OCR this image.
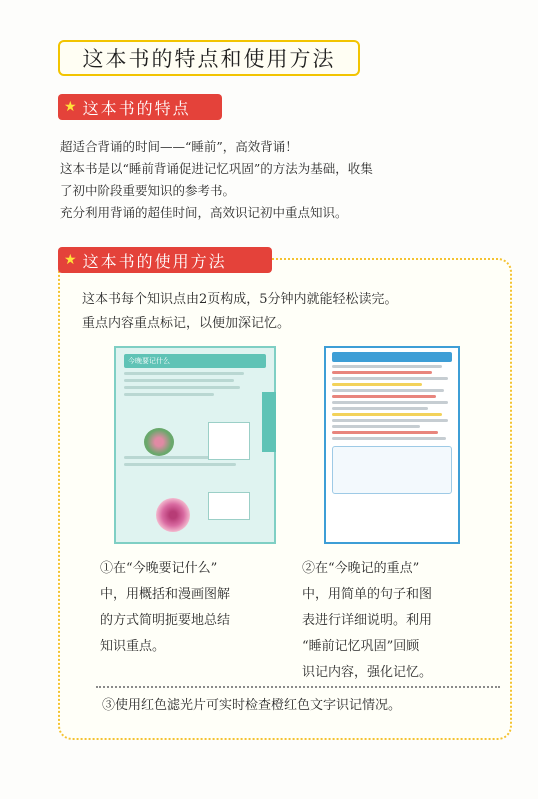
这本书的特点和使用方法
★ 这本书的特点

超适合背诵的时间——“睡前”，高效背诵！

这本书是以“睡前背诵促进记忆巩固”的方法为基础，收集

了初中阶段重要知识的参考书。

充分利用背诵的超佳时间，高效识记初中重点知识。

★ 这本书的使用方法

这本书每个知识点由2页构成，5分钟内就能轻松读完。

重点内容重点标记，以便加深记忆。

今晚要记什么

①在“今晚要记什么”

中，用概括和漫画图解

的方式简明扼要地总结

知识重点。

②在“今晚记的重点”

中，用简单的句子和图

表进行详细说明。利用

“睡前记忆巩固”回顾

识记内容，强化记忆。

③使用红色滤光片可实时检查橙红色文字识记情况。
